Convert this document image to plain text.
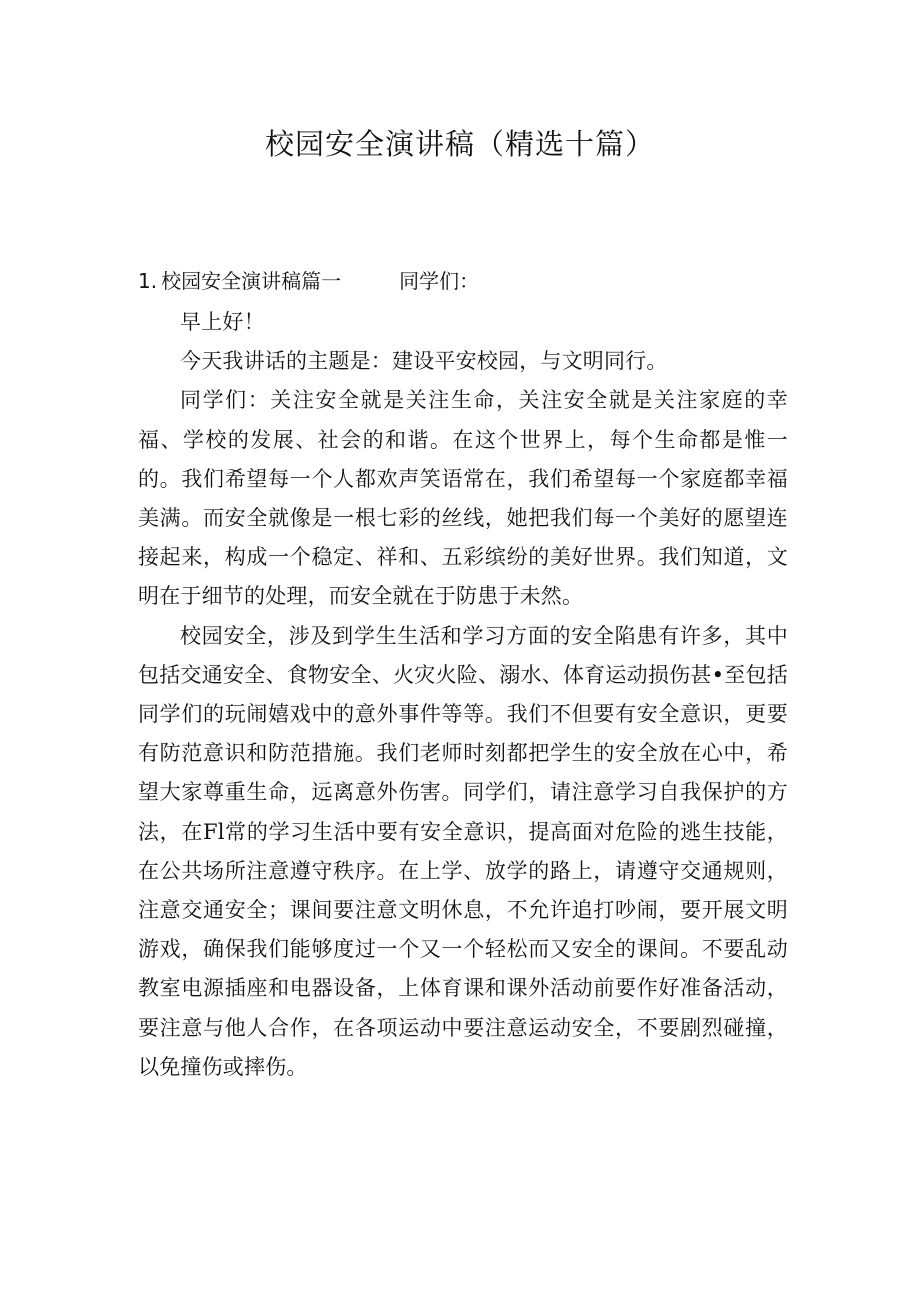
校园安全演讲稿（精选十篇）
1. 校园安全演讲稿篇一	同学们：

早上好！

今天我讲话的主题是：建设平安校园，与文明同行。

同学们：关注安全就是关注生命，关注安全就是关注家庭的幸福、学校的发展、社会的和谐。在这个世界上，每个生命都是惟一的。我们希望每一个人都欢声笑语常在，我们希望每一个家庭都幸福美满。而安全就像是一根七彩的丝线，她把我们每一个美好的愿望连接起来，构成一个稳定、祥和、五彩缤纷的美好世界。我们知道，文明在于细节的处理，而安全就在于防患于未然。

校园安全，涉及到学生生活和学习方面的安全陷患有许多，其中包括交通安全、食物安全、火灾火险、溺水、体育运动损伤甚•至包括同学们的玩闹嬉戏中的意外事件等等。我们不但要有安全意识，更要有防范意识和防范措施。我们老师时刻都把学生的安全放在心中，希望大家尊重生命，远离意外伤害。同学们，请注意学习自我保护的方法，在Fl常的学习生活中要有安全意识，提高面对危险的逃生技能，在公共场所注意遵守秩序。在上学、放学的路上，请遵守交通规则，注意交通安全；课间要注意文明休息，不允许追打吵闹，要开展文明游戏，确保我们能够度过一个又一个轻松而又安全的课间。不要乱动教室电源插座和电器设备，上体育课和课外活动前要作好准备活动，要注意与他人合作，在各项运动中要注意运动安全，不要剧烈碰撞，以免撞伤或摔伤。
